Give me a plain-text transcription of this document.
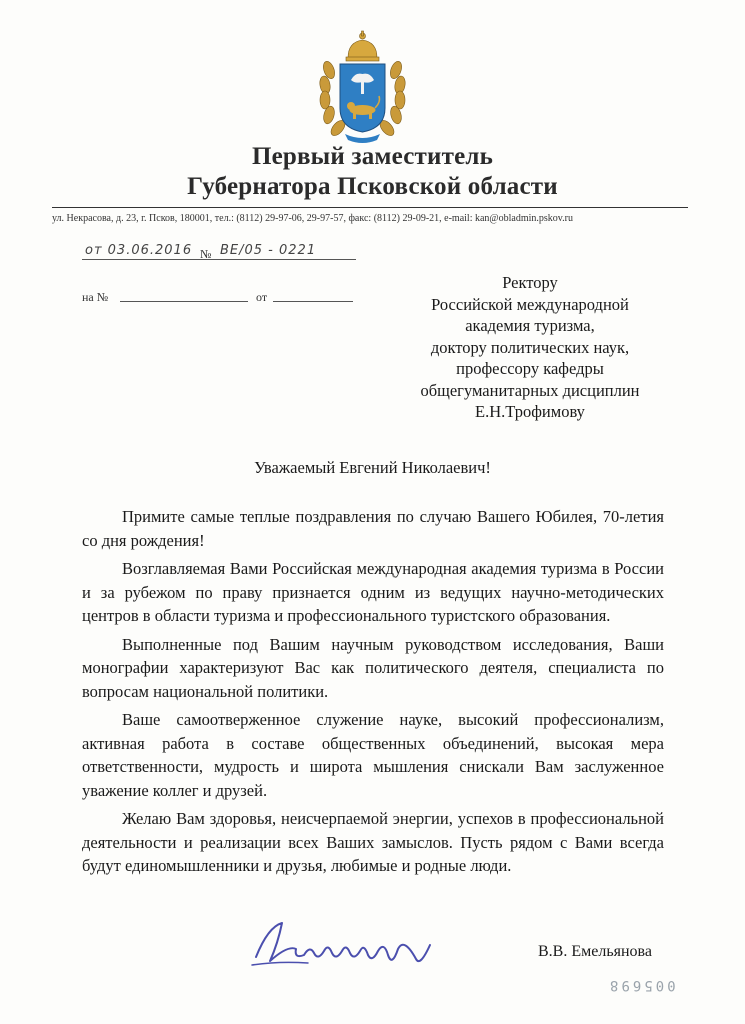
Первый заместитель
Губернатора Псковской области
ул. Некрасова, д. 23, г. Псков, 180001, тел.: (8112) 29-97-06, 29-97-57, факс: (8112) 29-09-21, e-mail: kan@obladmin.pskov.ru
от 03.06.2016 № ВЕ/05 - 0221
на №	от
Ректору
Российской международной
академия туризма,
доктору политических наук,
профессору кафедры
общегуманитарных дисциплин
Е.Н.Трофимову
Уважаемый Евгений Николаевич!

Примите самые теплые поздравления по случаю Вашего Юбилея, 70-летия со дня рождения!

Возглавляемая Вами Российская международная академия туризма в России и за рубежом по праву признается одним из ведущих научно-методических центров в области туризма и профессионального туристского образования.

Выполненные под Вашим научным руководством исследования, Ваши монографии характеризуют Вас как политического деятеля, специалиста по вопросам национальной политики.

Ваше самоотверженное служение науке, высокий профессионализм, активная работа в составе общественных объединений, высокая мера ответственности, мудрость и широта мышления снискали Вам заслуженное уважение коллег и друзей.

Желаю Вам здоровья, неисчерпаемой энергии, успехов в профессиональной деятельности и реализации всех Ваших замыслов. Пусть рядом с Вами всегда будут единомышленники и друзья, любимые и родные люди.

В.В. Емельянова
005698
